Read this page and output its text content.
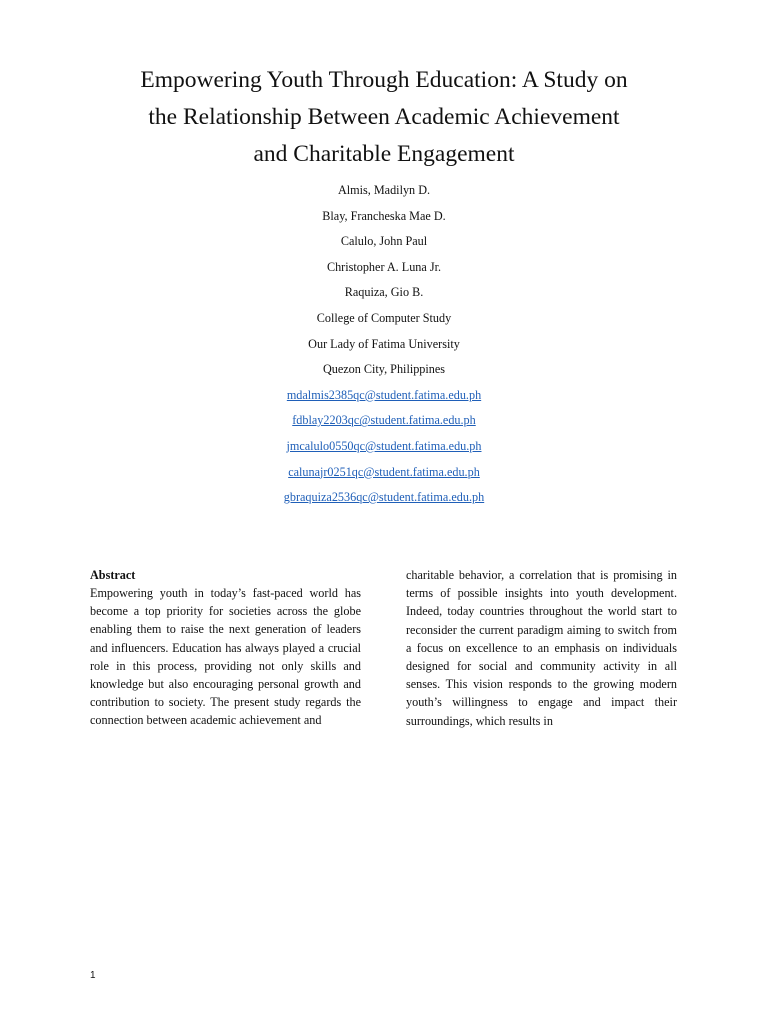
Empowering Youth Through Education: A Study on
the Relationship Between Academic Achievement
and Charitable Engagement
Almis, Madilyn D.
Blay, Francheska Mae D.
Calulo, John Paul
Christopher A. Luna Jr.
Raquiza, Gio B.
College of Computer Study
Our Lady of Fatima University
Quezon City, Philippines
mdalmis2385qc@student.fatima.edu.ph
fdblay2203qc@student.fatima.edu.ph
jmcalulo0550qc@student.fatima.edu.ph
calunajr0251qc@student.fatima.edu.ph
gbraquiza2536qc@student.fatima.edu.ph

Abstract

Empowering youth in today’s fast-paced world has become a top priority for societies across the globe enabling them to raise the next generation of leaders and influencers. Education has always played a crucial role in this process, providing not only skills and knowledge but also encouraging personal growth and contribution to society. The present study regards the connection between academic achievement and

charitable behavior, a correlation that is promising in terms of possible insights into youth development. Indeed, today countries throughout the world start to reconsider the current paradigm aiming to switch from a focus on excellence to an emphasis on individuals designed for social and community activity in all senses. This vision responds to the growing modern youth’s willingness to engage and impact their surroundings, which results in

1
